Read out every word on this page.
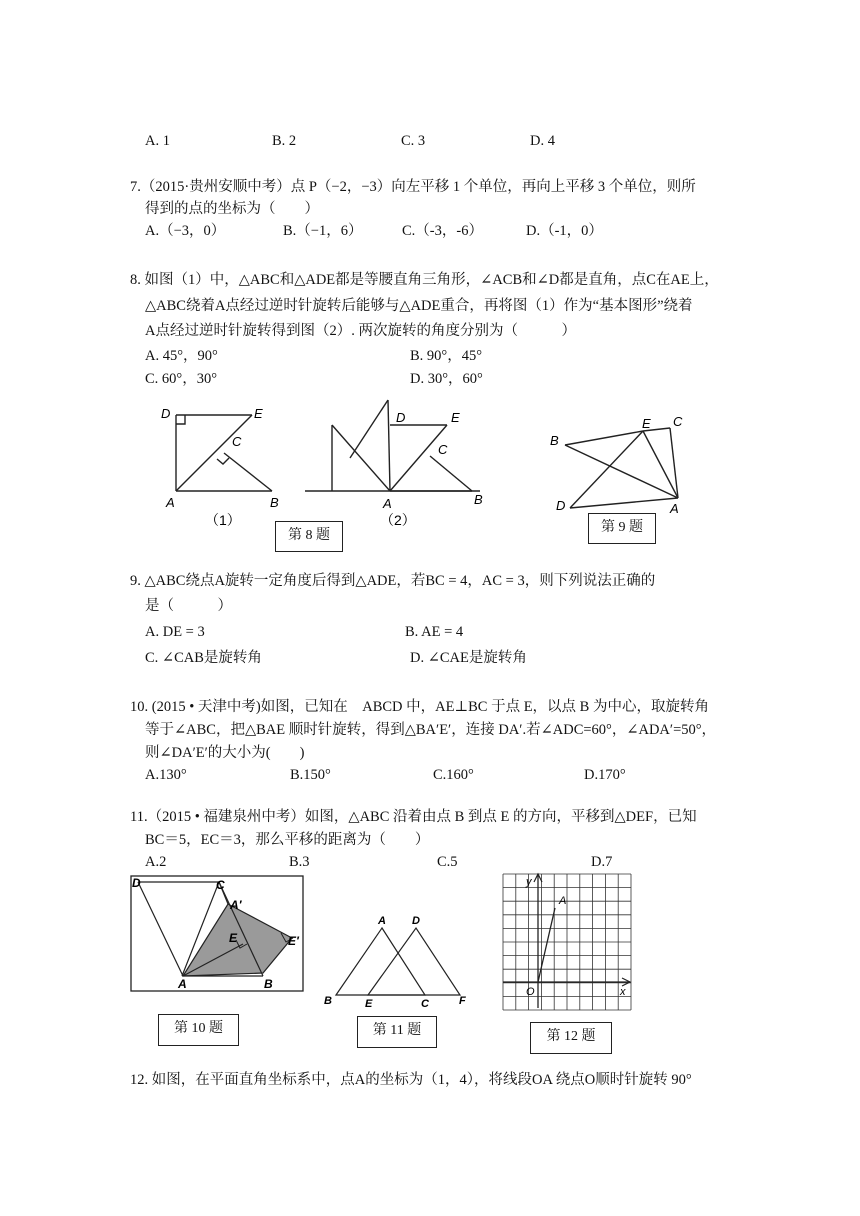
A. 1	B. 2	C. 3	D. 4
7.（2015·贵州安顺中考）点 P（−2，−3）向左平移 1 个单位，再向上平移 3 个单位，则所
得到的点的坐标为（　　）
A.（−3，0）	B.（−1，6）	C.（-3，-6）	D.（-1，0）
8. 如图（1）中，△ABC和△ADE都是等腰直角三角形，∠ACB和∠D都是直角，点C在AE上，
△ABC绕着A点经过逆时针旋转后能够与△ADE重合，再将图（1）作为“基本图形”绕着
A点经过逆时针旋转得到图（2）. 两次旋转的角度分别为（　　　）
A. 45°，90°	B. 90°，45°
C. 60°，30°	D. 30°，60°
D	E
C
A	B
（1）
D	E
C
A	B
（2）
B
E C
D	A
第 8 题
第 9 题
9. △ABC绕点A旋转一定角度后得到△ADE，若BC = 4，AC = 3，则下列说法正确的
是（　　　）
A. DE = 3	B. AE = 4
C. ∠CAB是旋转角	D. ∠CAE是旋转角
10. (2015 • 天津中考)如图，已知在　ABCD 中，AE⊥BC 于点 E，以点 B 为中心，取旋转角
等于∠ABC，把△BAE 顺时针旋转，得到△BA′E′，连接 DA′.若∠ADC=60°，∠ADA′=50°，
则∠DA′E′的大小为(　　)
A.130°	B.150°	C.160°	D.170°
11.（2015 • 福建泉州中考）如图，△ABC 沿着由点 B 到点 E 的方向，平移到△DEF，已知
BC＝5，EC＝3，那么平移的距离为（　　）
A.2	B.3	C.5	D.7
D	C
A′
E	E′
A	B
A D
B	E	C	F
y
A
O	x
第 10 题	第 11 题	第 12 题
12. 如图，在平面直角坐标系中，点A的坐标为（1，4），将线段OA 绕点O顺时针旋转 90°
